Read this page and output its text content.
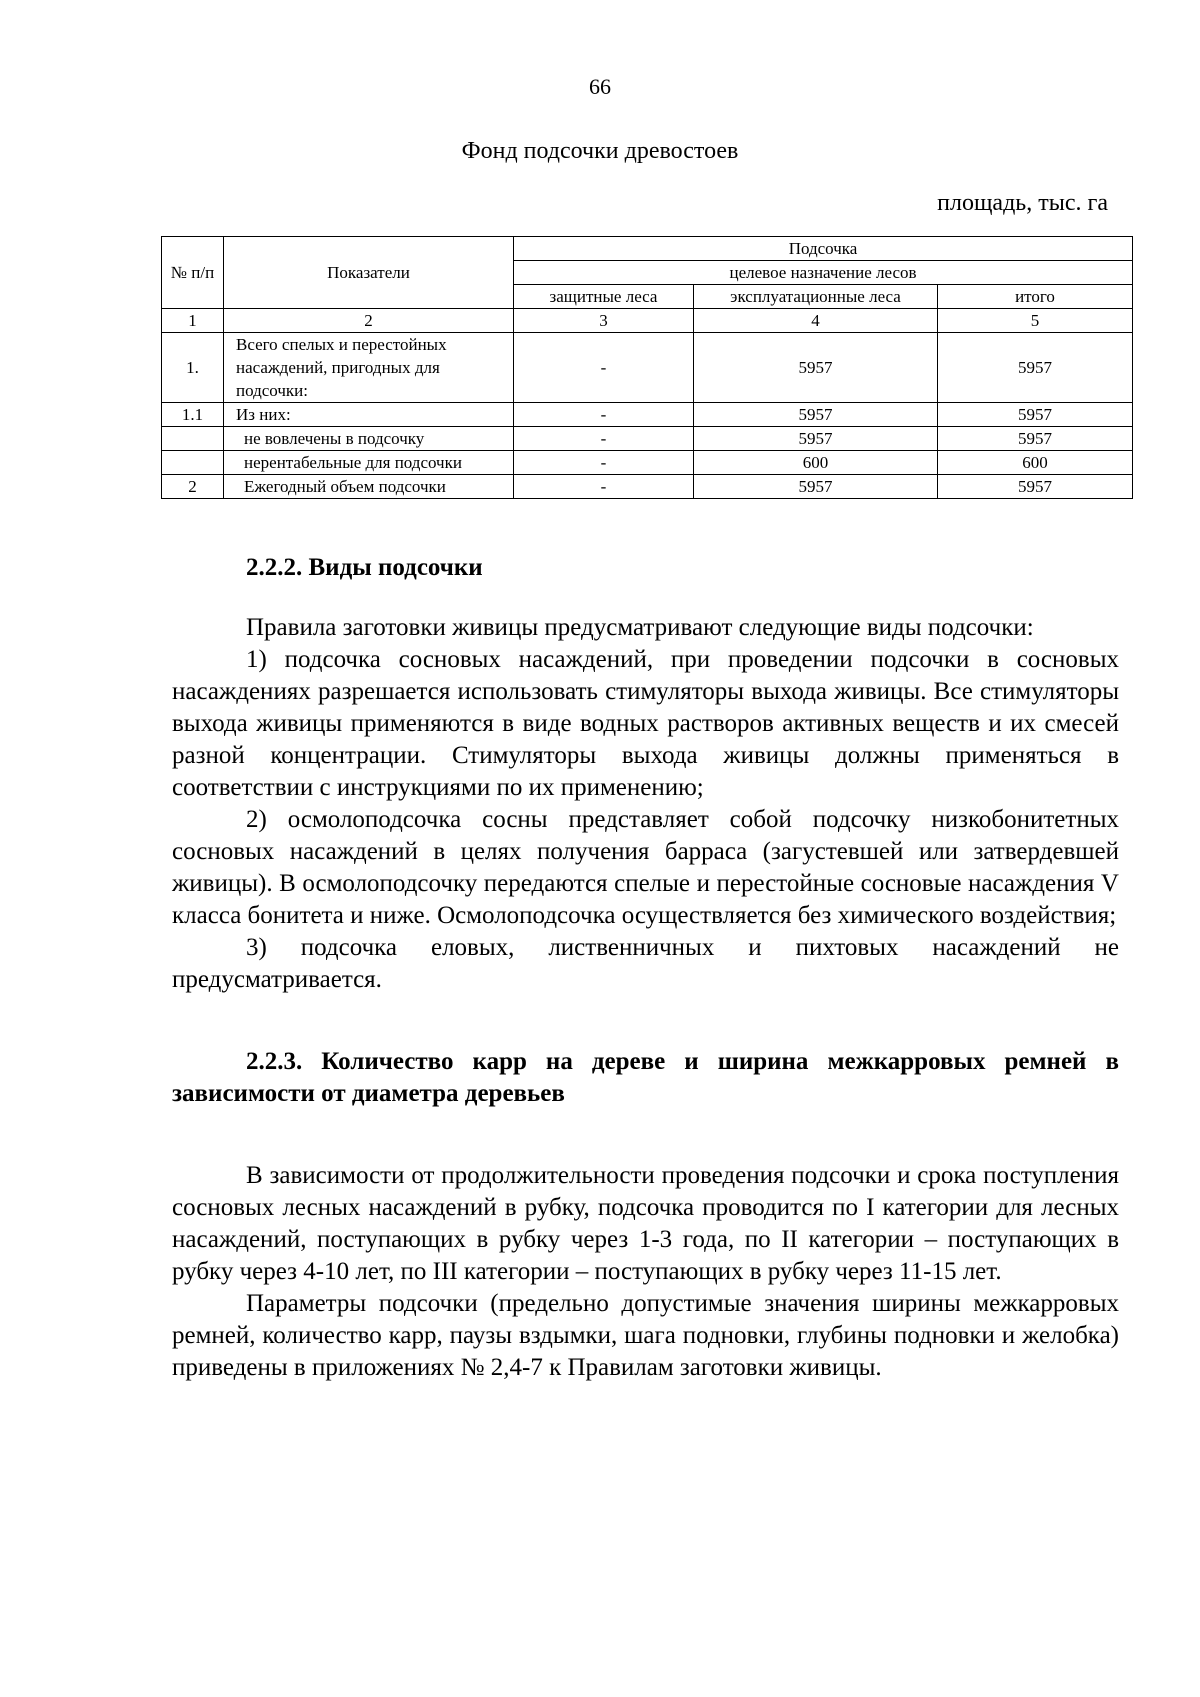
66
Фонд подсочки древостоев
площадь, тыс. га
№ п/п	Показатели	Подсочка		
		целевое назначение лесов		
		защитные леса	эксплуатационные леса	итого
1	2	3	4	5
1.	Всего спелых и перестойных насаждений, пригодных для подсочки:	-	5957	5957
1.1	Из них:	-	5957	5957
	не вовлечены в подсочку	-	5957	5957
	нерентабельные для подсочки	-	600	600
2	Ежегодный объем подсочки	-	5957	5957
2.2.2. Виды подсочки

Правила заготовки живицы предусматривают следующие виды подсочки:

1) подсочка сосновых насаждений, при проведении подсочки в сосновых насаждениях разрешается использовать стимуляторы выхода живицы. Все стимуляторы выхода живицы применяются в виде водных растворов активных веществ и их смесей разной концентрации. Стимуляторы выхода живицы должны применяться в соответствии с инструкциями по их применению;

2) осмолоподсочка сосны представляет собой подсочку низкобонитетных сосновых насаждений в целях получения барраса (загустевшей или затвердевшей живицы). В осмолоподсочку передаются спелые и перестойные сосновые насаждения V класса бонитета и ниже. Осмолоподсочка осуществляется без химического воздействия;

3) подсочка еловых, лиственничных и пихтовых насаждений не предусматривается.

2.2.3. Количество карр на дереве и ширина межкарровых ремней в зависимости от диаметра деревьев

В зависимости от продолжительности проведения подсочки и срока поступления сосновых лесных насаждений в рубку, подсочка проводится по I категории для лесных насаждений, поступающих в рубку через 1-3 года, по II категории – поступающих в рубку через 4-10 лет, по III категории – поступающих в рубку через 11-15 лет.

Параметры подсочки (предельно допустимые значения ширины межкарровых ремней, количество карр, паузы вздымки, шага подновки, глубины подновки и желобка) приведены в приложениях № 2,4-7 к Правилам заготовки живицы.
